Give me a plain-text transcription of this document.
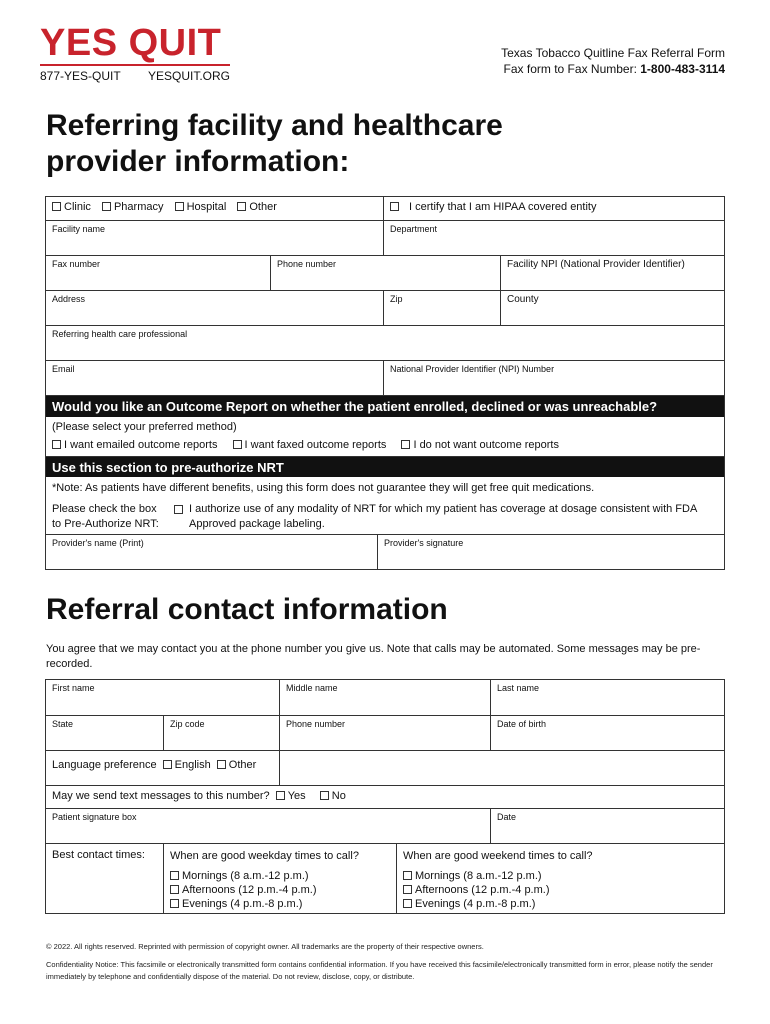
YES QUIT
877-YES-QUIT YESQUIT.ORG
Texas Tobacco Quitline Fax Referral Form
Fax form to Fax Number: 1-800-483-3114
Referring facility and healthcare
provider information:
Clinic Pharmacy Hospital Other	I certify that I am HIPAA covered entity
Facility name	Department
Fax number	Phone number	Facility NPI (National Provider Identifier)
Address	Zip	County
Referring health care professional
Email	National Provider Identifier (NPI) Number
Would you like an Outcome Report on whether the patient enrolled, declined or was unreachable?
(Please select your preferred method)
I want emailed outcome reports I want faxed outcome reports I do not want outcome reports
Use this section to pre-authorize NRT
*Note: As patients have different benefits, using this form does not guarantee they will get free quit medications.
Please check the box
to Pre-Authorize NRT:
I authorize use of any modality of NRT for which my patient has coverage at dosage consistent with FDA
Approved package labeling.
Provider's name (Print)	Provider's signature
Referral contact information
You agree that we may contact you at the phone number you give us. Note that calls may be automated. Some messages may be pre-recorded.
First name	Middle name	Last name
State	Zip code	Phone number	Date of birth
Language preference English Other
May we send text messages to this number? Yes No
Patient signature box	Date
Best contact times:	When are good weekday times to call?
Mornings (8 a.m.-12 p.m.)
Afternoons (12 p.m.-4 p.m.)
Evenings (4 p.m.-8 p.m.)
When are good weekend times to call?
Mornings (8 a.m.-12 p.m.)
Afternoons (12 p.m.-4 p.m.)
Evenings (4 p.m.-8 p.m.)
© 2022. All rights reserved. Reprinted with permission of copyright owner. All trademarks are the property of their respective owners.
Confidentiality Notice: This facsimile or electronically transmitted form contains confidential information. If you have received this facsimile/electronically transmitted form in error, please notify the sender immediately by telephone and confidentially dispose of the material. Do not review, disclose, copy, or distribute.
